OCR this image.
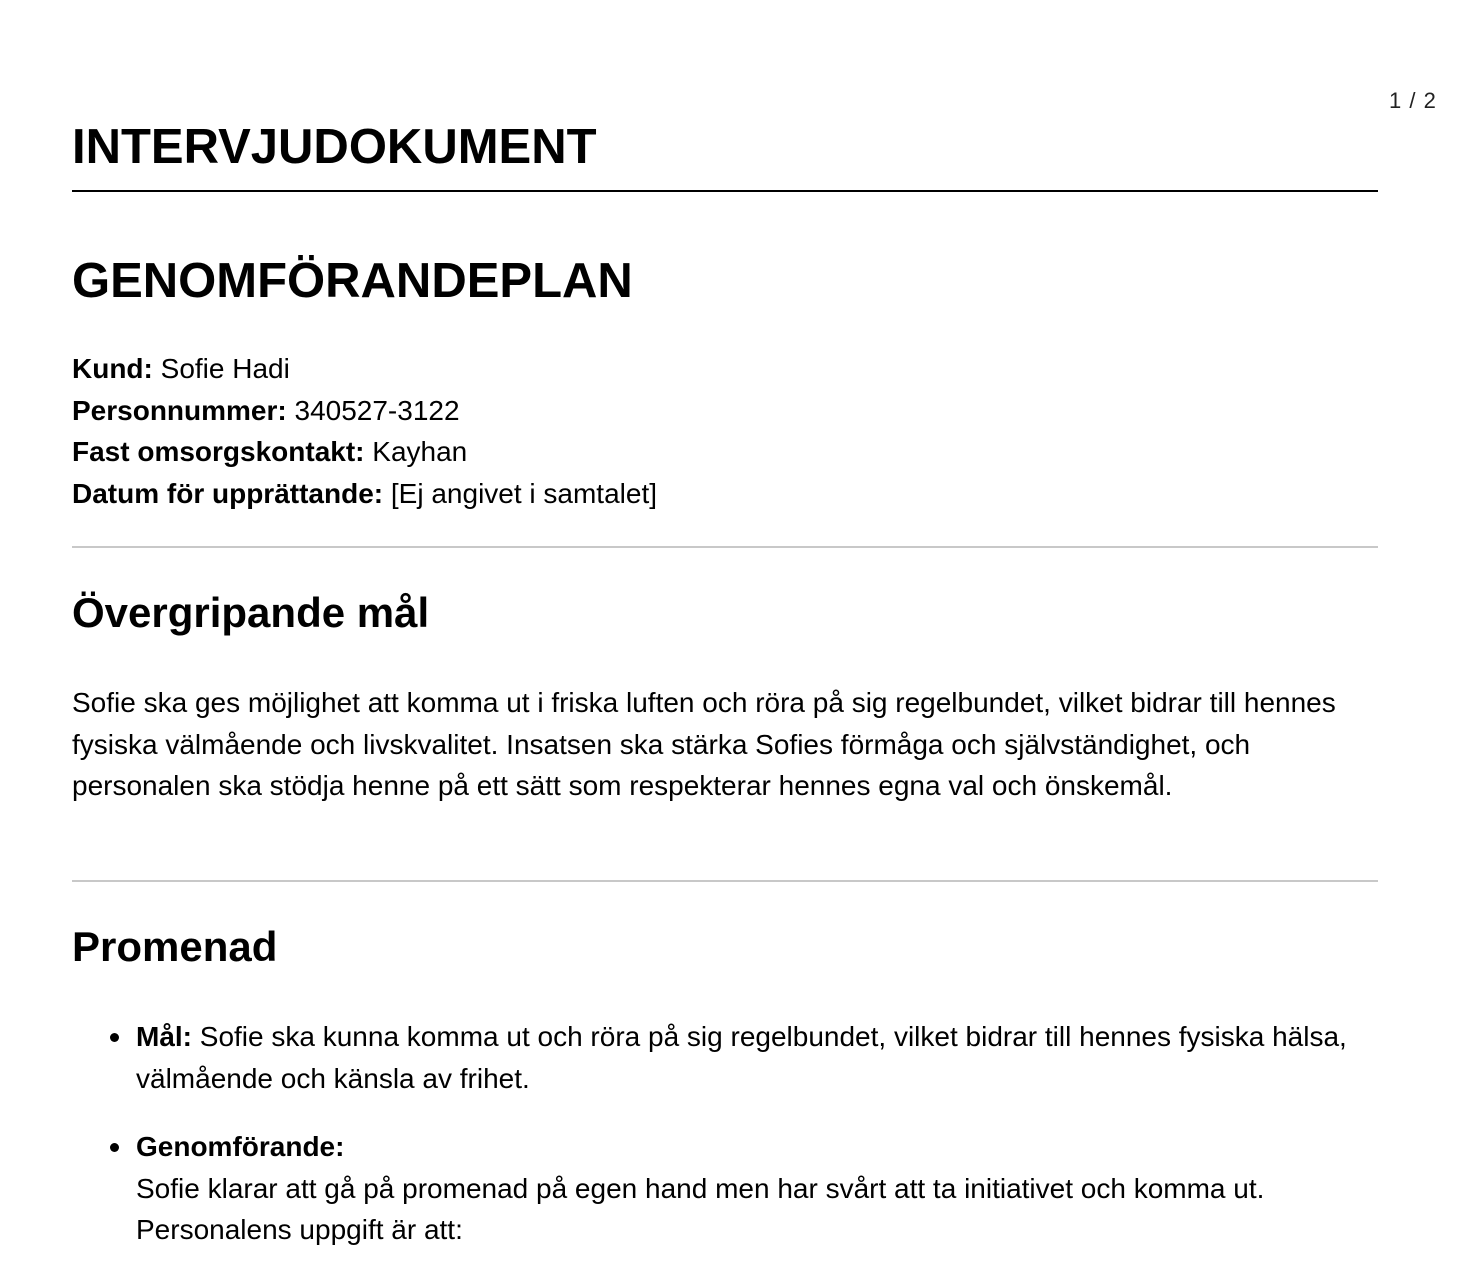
1 / 2
INTERVJUDOKUMENT
GENOMFÖRANDEPLAN
Kund: Sofie Hadi
Personnummer: 340527-3122
Fast omsorgskontakt: Kayhan
Datum för upprättande: [Ej angivet i samtalet]
Övergripande mål

Sofie ska ges möjlighet att komma ut i friska luften och röra på sig regelbundet, vilket bidrar till hennes fysiska välmående och livskvalitet. Insatsen ska stärka Sofies förmåga och självständighet, och personalen ska stödja henne på ett sätt som respekterar hennes egna val och önskemål.

Promenad
Mål: Sofie ska kunna komma ut och röra på sig regelbundet, vilket bidrar till hennes fysiska hälsa, välmående och känsla av frihet.
Genomförande:
Sofie klarar att gå på promenad på egen hand men har svårt att ta initiativet och komma ut. Personalens uppgift är att:
